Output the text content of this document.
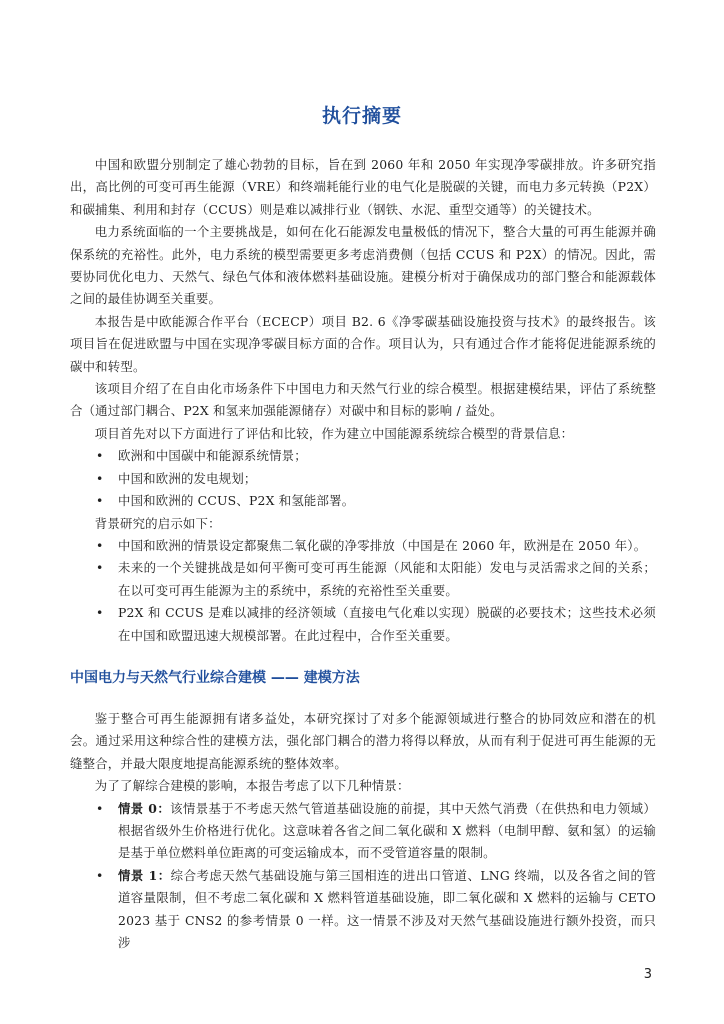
执行摘要

中国和欧盟分别制定了雄心勃勃的目标，旨在到 2060 年和 2050 年实现净零碳排放。许多研究指出，高比例的可变可再生能源（VRE）和终端耗能行业的电气化是脱碳的关键，而电力多元转换（P2X）和碳捕集、利用和封存（CCUS）则是难以减排行业（钢铁、水泥、重型交通等）的关键技术。

电力系统面临的一个主要挑战是，如何在化石能源发电量极低的情况下，整合大量的可再生能源并确保系统的充裕性。此外，电力系统的模型需要更多考虑消费侧（包括 CCUS 和 P2X）的情况。因此，需要协同优化电力、天然气、绿色气体和液体燃料基础设施。建模分析对于确保成功的部门整合和能源载体之间的最佳协调至关重要。

本报告是中欧能源合作平台（ECECP）项目 B2. 6《净零碳基础设施投资与技术》的最终报告。该项目旨在促进欧盟与中国在实现净零碳目标方面的合作。项目认为，只有通过合作才能将促进能源系统的碳中和转型。

该项目介绍了在自由化市场条件下中国电力和天然气行业的综合模型。根据建模结果，评估了系统整合（通过部门耦合、P2X 和氢来加强能源储存）对碳中和目标的影响 / 益处。

项目首先对以下方面进行了评估和比较，作为建立中国能源系统综合模型的背景信息：

• 欧洲和中国碳中和能源系统情景；
• 中国和欧洲的发电规划；
• 中国和欧洲的 CCUS、P2X 和氢能部署。

背景研究的启示如下：

• 中国和欧洲的情景设定都聚焦二氧化碳的净零排放（中国是在 2060 年，欧洲是在 2050 年）。
• 未来的一个关键挑战是如何平衡可变可再生能源（风能和太阳能）发电与灵活需求之间的关系；在以可变可再生能源为主的系统中，系统的充裕性至关重要。
• P2X 和 CCUS 是难以减排的经济领域（直接电气化难以实现）脱碳的必要技术；这些技术必须在中国和欧盟迅速大规模部署。在此过程中，合作至关重要。
中国电力与天然气行业综合建模 —— 建模方法

鉴于整合可再生能源拥有诸多益处，本研究探讨了对多个能源领域进行整合的协同效应和潜在的机会。通过采用这种综合性的建模方法，强化部门耦合的潜力将得以释放，从而有利于促进可再生能源的无缝整合，并最大限度地提高能源系统的整体效率。

为了了解综合建模的影响，本报告考虑了以下几种情景：

• 情景 0：该情景基于不考虑天然气管道基础设施的前提，其中天然气消费（在供热和电力领域）根据省级外生价格进行优化。这意味着各省之间二氧化碳和 X 燃料（电制甲醇、氨和氢）的运输是基于单位燃料单位距离的可变运输成本，而不受管道容量的限制。
• 情景 1：综合考虑天然气基础设施与第三国相连的进出口管道、LNG 终端，以及各省之间的管道容量限制，但不考虑二氧化碳和 X 燃料管道基础设施，即二氧化碳和 X 燃料的运输与 CETO 2023 基于 CNS2 的参考情景 0 一样。这一情景不涉及对天然气基础设施进行额外投资，而只涉
3
